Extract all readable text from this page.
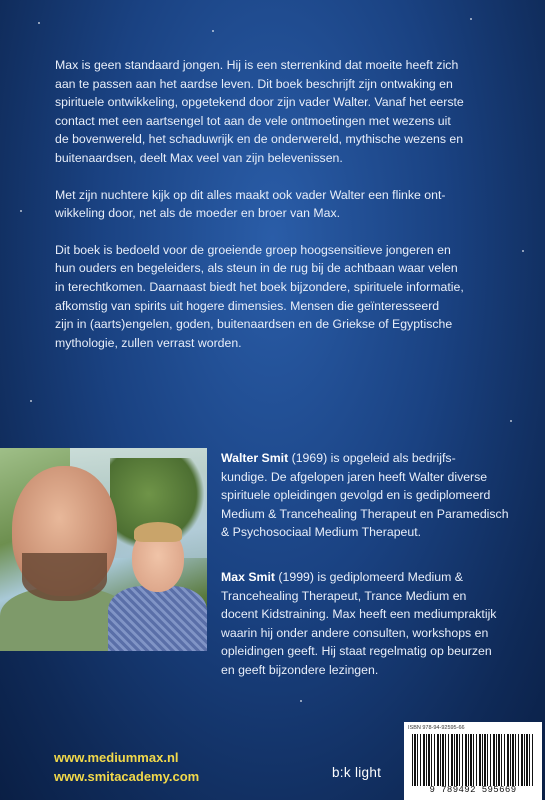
Max is geen standaard jongen. Hij is een sterrenkind dat moeite heeft zich
aan te passen aan het aardse leven. Dit boek beschrijft zijn ontwaking en
spirituele ontwikkeling, opgetekend door zijn vader Walter. Vanaf het eerste
contact met een aartsengel tot aan de vele ontmoetingen met wezens uit
de bovenwereld, het schaduwrijk en de onderwereld, mythische wezens en
buitenaardsen, deelt Max veel van zijn belevenissen.

Met zijn nuchtere kijk op dit alles maakt ook vader Walter een flinke ont-
wikkeling door, net als de moeder en broer van Max.

Dit boek is bedoeld voor de groeiende groep hoogsensitieve jongeren en
hun ouders en begeleiders, als steun in de rug bij de achtbaan waar velen
in terechtkomen. Daarnaast biedt het boek bijzondere, spirituele informatie,
afkomstig van spirits uit hogere dimensies. Mensen die geïnteresseerd
zijn in (aarts)engelen, goden, buitenaardsen en de Griekse of Egyptische
mythologie, zullen verrast worden.

Walter Smit (1969) is opgeleid als bedrijfs-
kundige. De afgelopen jaren heeft Walter diverse
spirituele opleidingen gevolgd en is gediplomeerd
Medium & Trancehealing Therapeut en Paramedisch
& Psychosociaal Medium Therapeut.
Max Smit (1999) is gediplomeerd Medium &
Trancehealing Therapeut, Trance Medium en
docent Kidstraining. Max heeft een mediumpraktijk
waarin hij onder andere consulten, workshops en
opleidingen geeft. Hij staat regelmatig op beurzen
en geeft bijzondere lezingen.
www.mediummax.nl
www.smitacademy.com	b:k light
ISBN 978-94-92595-66
9 789492 595669
